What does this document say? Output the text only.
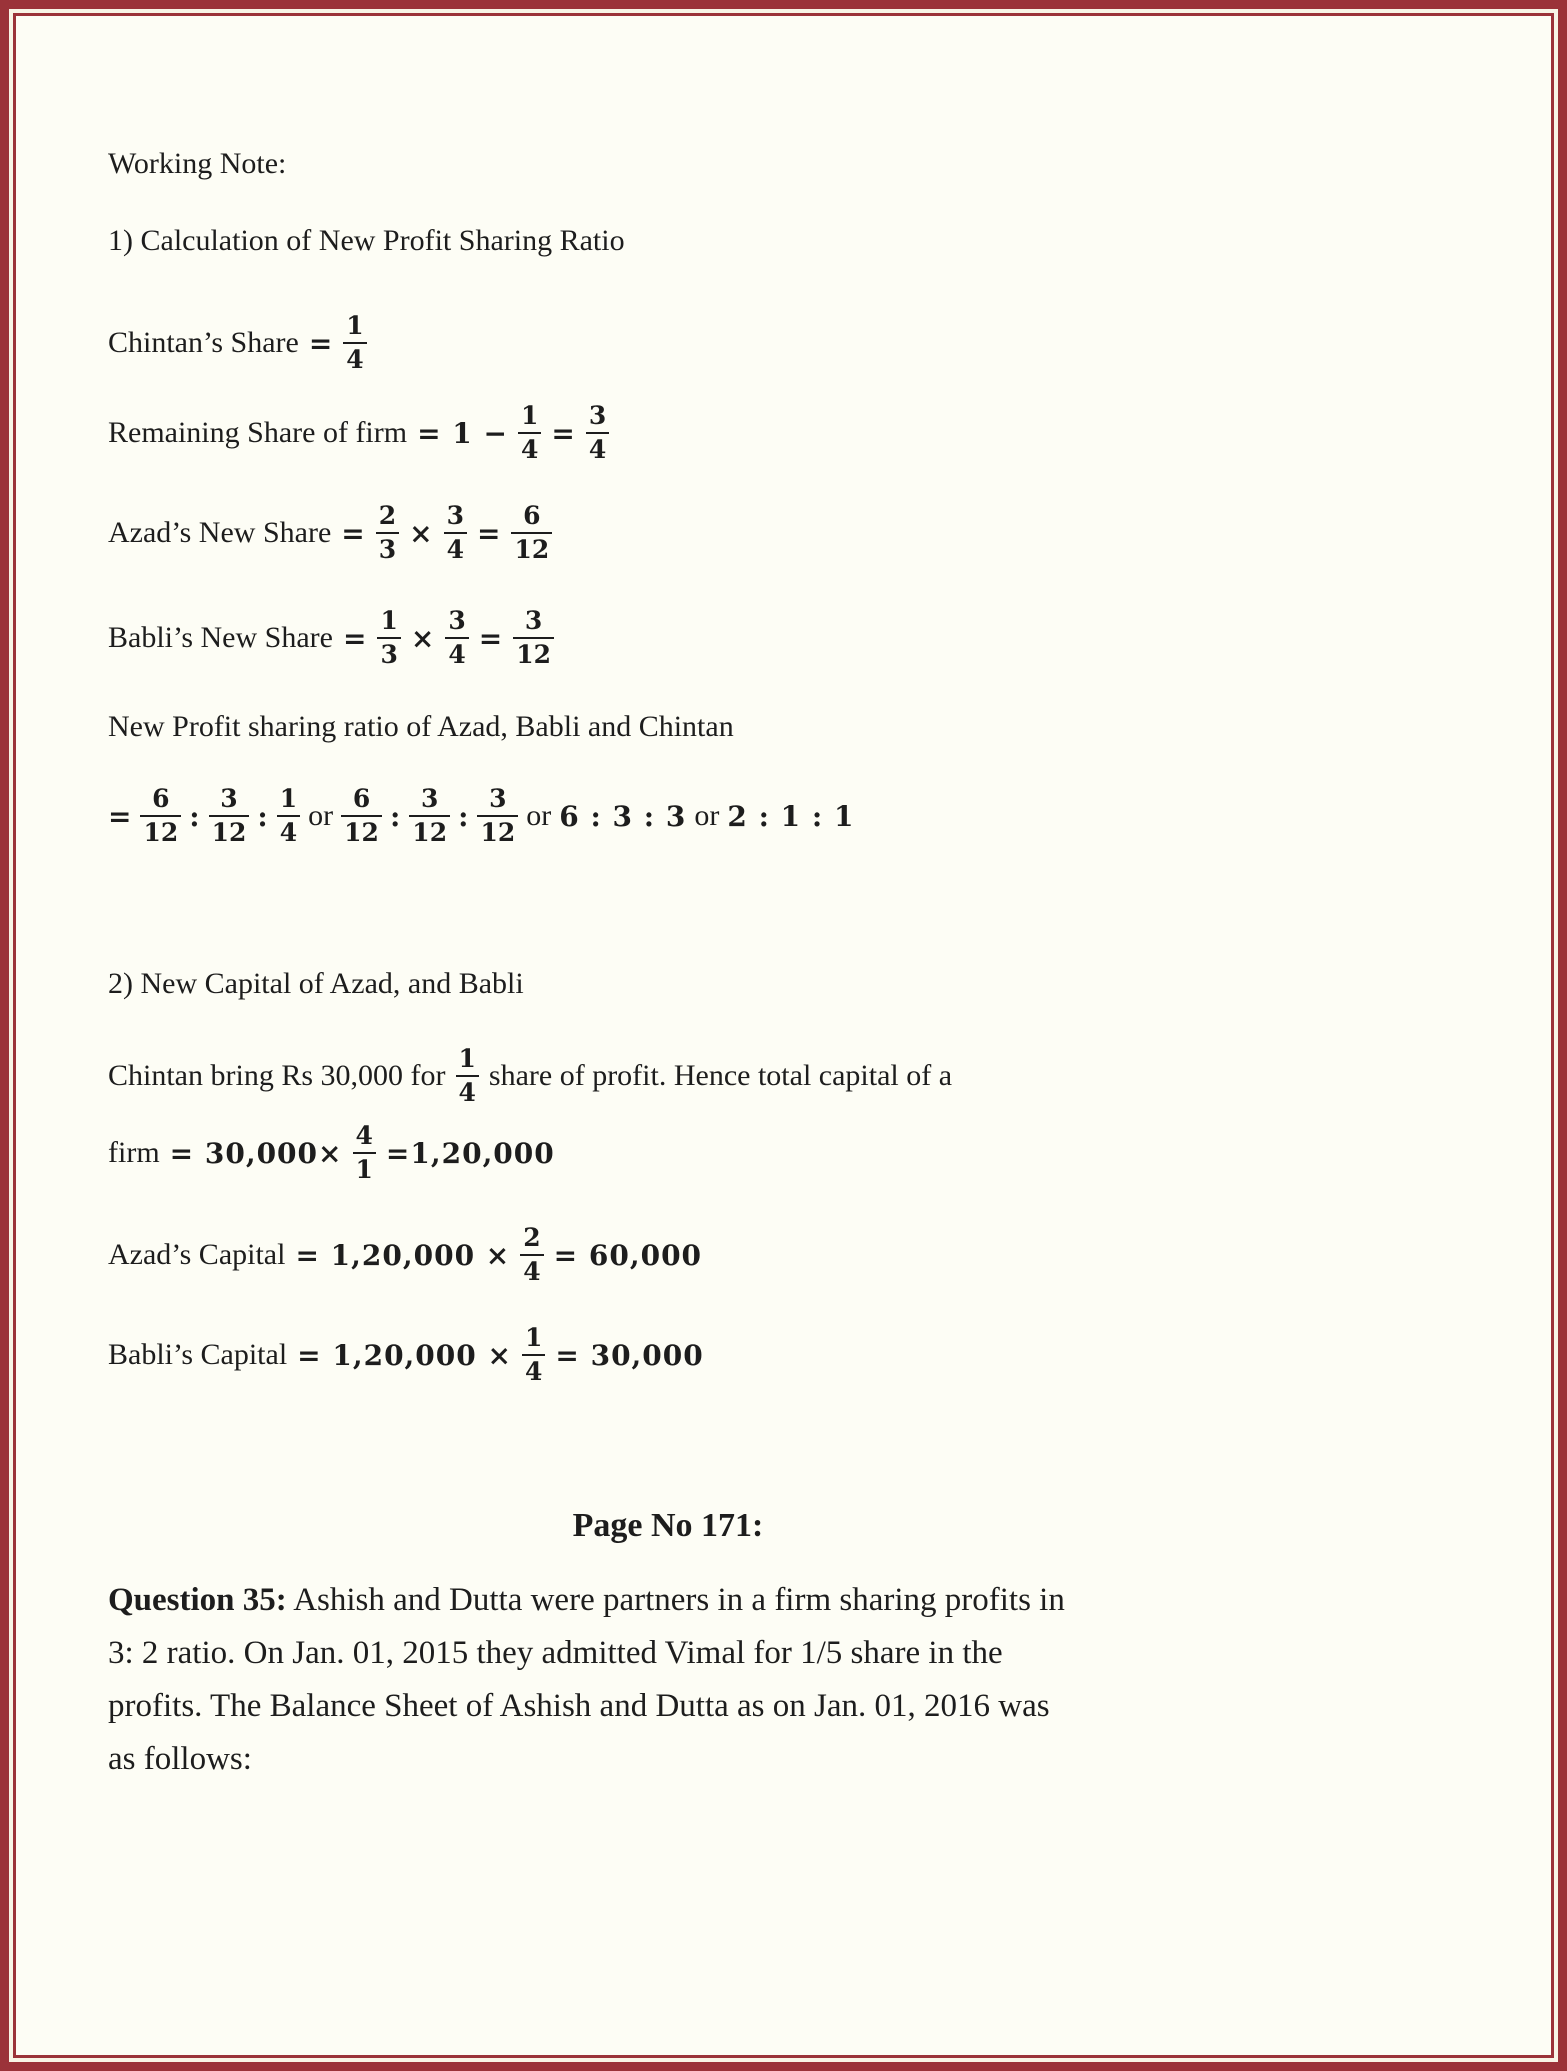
Working Note:
1) Calculation of New Profit Sharing Ratio
Chintan’s Share = $\frac{1}{4}$
Remaining Share of firm = $1 - \frac{1}{4} = \frac{3}{4}$
Azad’s New Share = $\frac{2}{3} \times \frac{3}{4} = \frac{6}{12}$
Babli’s New Share = $\frac{1}{3} \times \frac{3}{4} = \frac{3}{12}$
New Profit sharing ratio of Azad, Babli and Chintan
= $\frac{6}{12}$ : $\frac{3}{12}$ : $\frac{1}{4}$ or $\frac{6}{12}$ : $\frac{3}{12}$ : $\frac{3}{12}$ or 6 : 3 : 3 or 2 : 1 : 1
2) New Capital of Azad, and Babli
Chintan bring Rs 30,000 for $\frac{1}{4}$ share of profit. Hence total capital of a
firm = $30,000\times \frac{4}{1} =1,20,000$
Azad’s Capital = $1,20,000 \times \frac{2}{4} = 60,000$
Babli’s Capital = $1,20,000 \times \frac{1}{4} = 30,000$
Page No 171:
Question 35: Ashish and Dutta were partners in a firm sharing profits in
3: 2 ratio. On Jan. 01, 2015 they admitted Vimal for 1/5 share in the
profits. The Balance Sheet of Ashish and Dutta as on Jan. 01, 2016 was
as follows:
